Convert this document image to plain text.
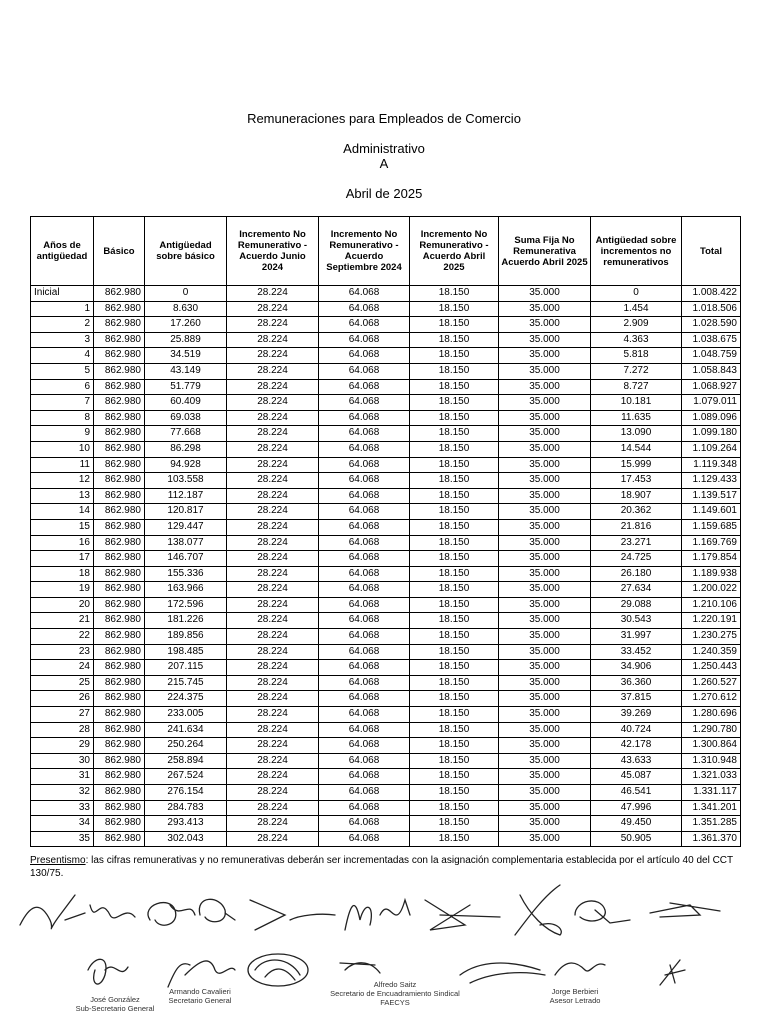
Remuneraciones para Empleados de Comercio
Administrativo
A
Abril de 2025
Años de antigüedad	Básico	Antigüedad sobre básico	Incremento No Remunerativo - Acuerdo Junio 2024	Incremento No Remunerativo - Acuerdo Septiembre 2024	Incremento No Remunerativo - Acuerdo Abril 2025	Suma Fija No Remunerativa Acuerdo Abril 2025	Antigüedad sobre incrementos no remunerativos	Total
Inicial	862.980	0	28.224	64.068	18.150	35.000	0	1.008.422
1	862.980	8.630	28.224	64.068	18.150	35.000	1.454	1.018.506
2	862.980	17.260	28.224	64.068	18.150	35.000	2.909	1.028.590
3	862.980	25.889	28.224	64.068	18.150	35.000	4.363	1.038.675
4	862.980	34.519	28.224	64.068	18.150	35.000	5.818	1.048.759
5	862.980	43.149	28.224	64.068	18.150	35.000	7.272	1.058.843
6	862.980	51.779	28.224	64.068	18.150	35.000	8.727	1.068.927
7	862.980	60.409	28.224	64.068	18.150	35.000	10.181	1.079.011
8	862.980	69.038	28.224	64.068	18.150	35.000	11.635	1.089.096
9	862.980	77.668	28.224	64.068	18.150	35.000	13.090	1.099.180
10	862.980	86.298	28.224	64.068	18.150	35.000	14.544	1.109.264
11	862.980	94.928	28.224	64.068	18.150	35.000	15.999	1.119.348
12	862.980	103.558	28.224	64.068	18.150	35.000	17.453	1.129.433
13	862.980	112.187	28.224	64.068	18.150	35.000	18.907	1.139.517
14	862.980	120.817	28.224	64.068	18.150	35.000	20.362	1.149.601
15	862.980	129.447	28.224	64.068	18.150	35.000	21.816	1.159.685
16	862.980	138.077	28.224	64.068	18.150	35.000	23.271	1.169.769
17	862.980	146.707	28.224	64.068	18.150	35.000	24.725	1.179.854
18	862.980	155.336	28.224	64.068	18.150	35.000	26.180	1.189.938
19	862.980	163.966	28.224	64.068	18.150	35.000	27.634	1.200.022
20	862.980	172.596	28.224	64.068	18.150	35.000	29.088	1.210.106
21	862.980	181.226	28.224	64.068	18.150	35.000	30.543	1.220.191
22	862.980	189.856	28.224	64.068	18.150	35.000	31.997	1.230.275
23	862.980	198.485	28.224	64.068	18.150	35.000	33.452	1.240.359
24	862.980	207.115	28.224	64.068	18.150	35.000	34.906	1.250.443
25	862.980	215.745	28.224	64.068	18.150	35.000	36.360	1.260.527
26	862.980	224.375	28.224	64.068	18.150	35.000	37.815	1.270.612
27	862.980	233.005	28.224	64.068	18.150	35.000	39.269	1.280.696
28	862.980	241.634	28.224	64.068	18.150	35.000	40.724	1.290.780
29	862.980	250.264	28.224	64.068	18.150	35.000	42.178	1.300.864
30	862.980	258.894	28.224	64.068	18.150	35.000	43.633	1.310.948
31	862.980	267.524	28.224	64.068	18.150	35.000	45.087	1.321.033
32	862.980	276.154	28.224	64.068	18.150	35.000	46.541	1.331.117
33	862.980	284.783	28.224	64.068	18.150	35.000	47.996	1.341.201
34	862.980	293.413	28.224	64.068	18.150	35.000	49.450	1.351.285
35	862.980	302.043	28.224	64.068	18.150	35.000	50.905	1.361.370
Presentismo: las cifras remunerativas y no remunerativas deberán ser incrementadas con la asignación complementaria establecida por el artículo 40 del CCT 130/75.
José González
Sub-Secretario General
Armando Cavalieri
Secretario General
Alfredo Saitz
Secretario de Encuadramiento Sindical
FAECYS
Jorge Berbieri
Asesor Letrado
